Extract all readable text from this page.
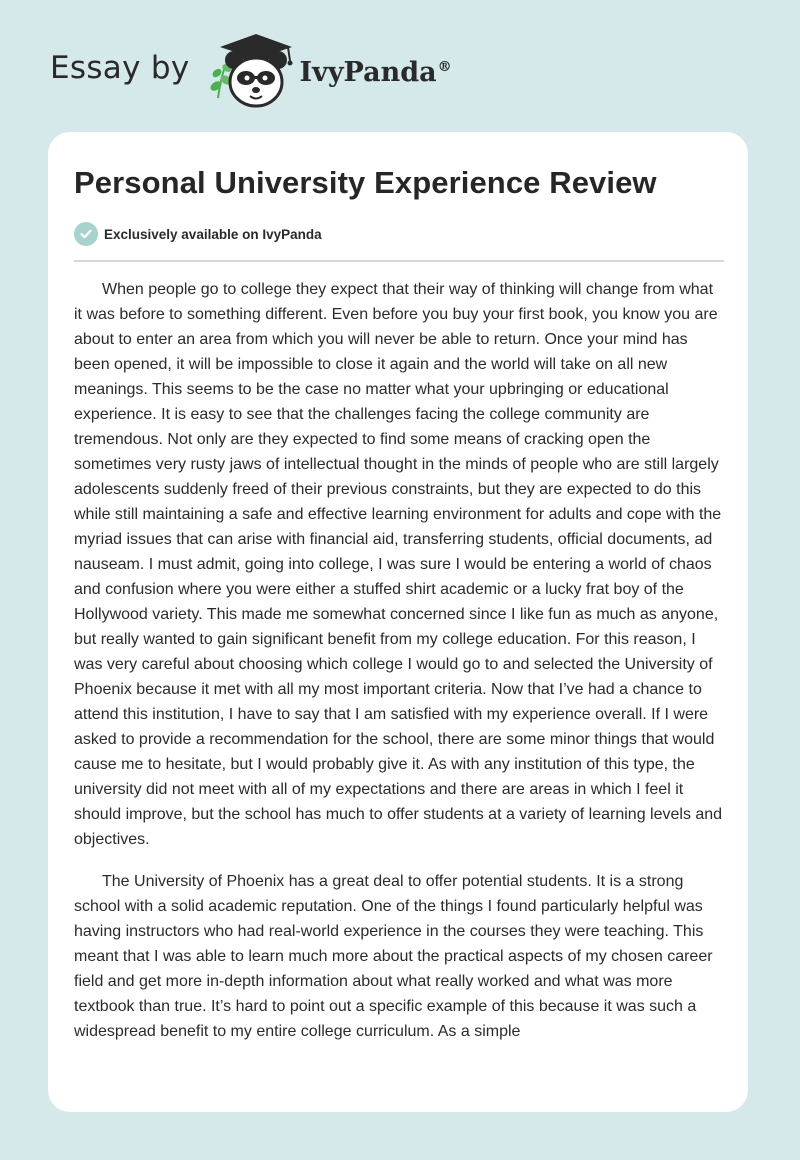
Essay by	IvyPanda®
Personal University Experience Review
Exclusively available on IvyPanda

When people go to college they expect that their way of thinking will change from what it was before to something different. Even before you buy your first book, you know you are about to enter an area from which you will never be able to return. Once your mind has been opened, it will be impossible to close it again and the world will take on all new meanings. This seems to be the case no matter what your upbringing or educational experience. It is easy to see that the challenges facing the college community are tremendous. Not only are they expected to find some means of cracking open the sometimes very rusty jaws of intellectual thought in the minds of people who are still largely adolescents suddenly freed of their previous constraints, but they are expected to do this while still maintaining a safe and effective learning environment for adults and cope with the myriad issues that can arise with financial aid, transferring students, official documents, ad nauseam. I must admit, going into college, I was sure I would be entering a world of chaos and confusion where you were either a stuffed shirt academic or a lucky frat boy of the Hollywood variety. This made me somewhat concerned since I like fun as much as anyone, but really wanted to gain significant benefit from my college education. For this reason, I was very careful about choosing which college I would go to and selected the University of Phoenix because it met with all my most important criteria. Now that I’ve had a chance to attend this institution, I have to say that I am satisfied with my experience overall. If I were asked to provide a recommendation for the school, there are some minor things that would cause me to hesitate, but I would probably give it. As with any institution of this type, the university did not meet with all of my expectations and there are areas in which I feel it should improve, but the school has much to offer students at a variety of learning levels and objectives.

The University of Phoenix has a great deal to offer potential students. It is a strong school with a solid academic reputation. One of the things I found particularly helpful was having instructors who had real-world experience in the courses they were teaching. This meant that I was able to learn much more about the practical aspects of my chosen career field and get more in-depth information about what really worked and what was more textbook than true. It’s hard to point out a specific example of this because it was such a widespread benefit to my entire college curriculum. As a simple
